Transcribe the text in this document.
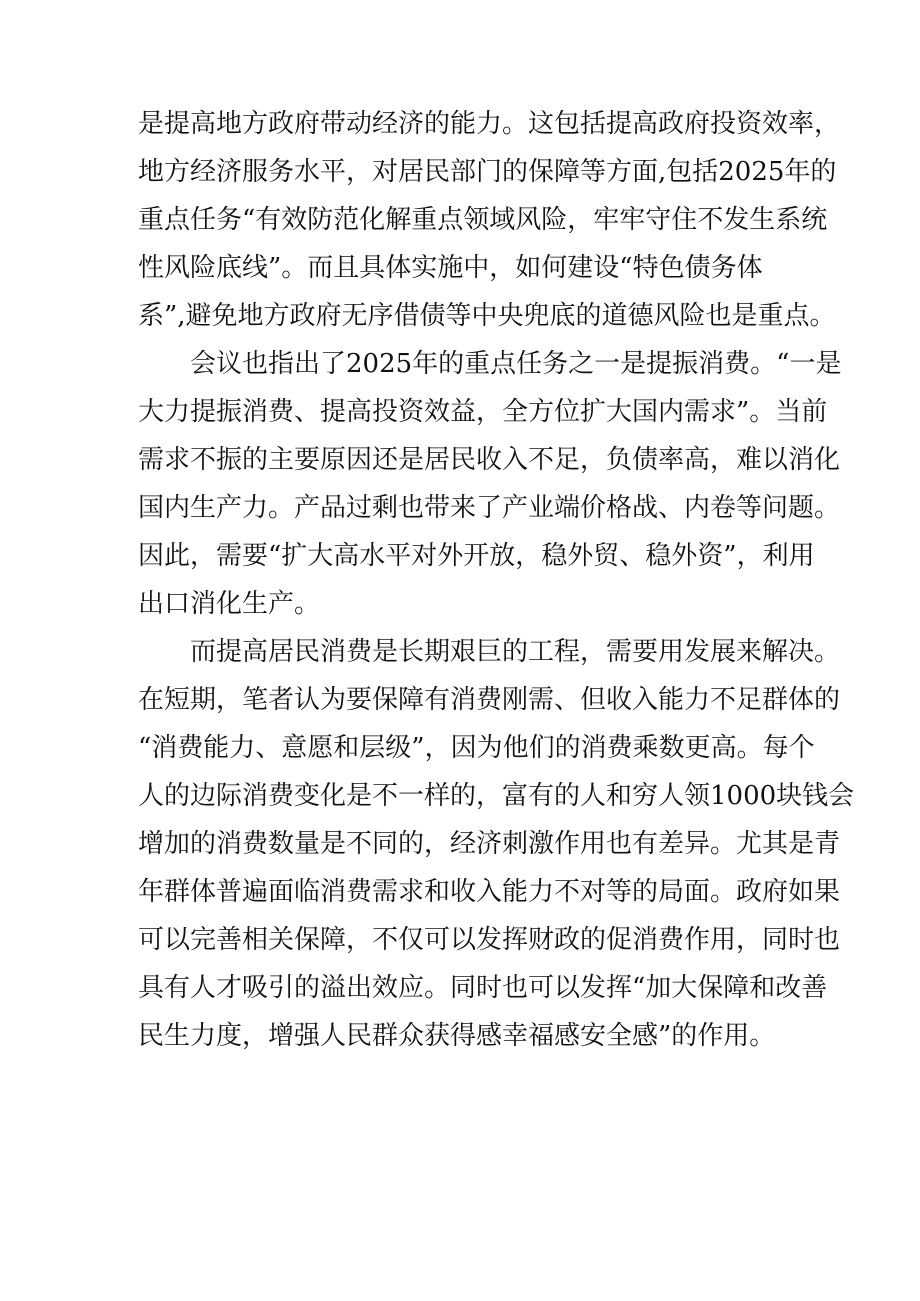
是提高地方政府带动经济的能力。这包括提高政府投资效率，
地方经济服务水平，对居民部门的保障等方面,包括2025年的
重点任务“有效防范化解重点领域风险，牢牢守住不发生系统
性风险底线”。而且具体实施中，如何建设“特色债务体
系”,避免地方政府无序借债等中央兜底的道德风险也是重点。
会议也指出了2025年的重点任务之一是提振消费。“一是
大力提振消费、提高投资效益，全方位扩大国内需求”。当前
需求不振的主要原因还是居民收入不足，负债率高，难以消化
国内生产力。产品过剩也带来了产业端价格战、内卷等问题。
因此，需要“扩大高水平对外开放，稳外贸、稳外资”，利用
出口消化生产。
而提高居民消费是长期艰巨的工程，需要用发展来解决。
在短期，笔者认为要保障有消费刚需、但收入能力不足群体的
“消费能力、意愿和层级”，因为他们的消费乘数更高。每个
人的边际消费变化是不一样的，富有的人和穷人领1000块钱会
增加的消费数量是不同的，经济刺激作用也有差异。尤其是青
年群体普遍面临消费需求和收入能力不对等的局面。政府如果
可以完善相关保障，不仅可以发挥财政的促消费作用，同时也
具有人才吸引的溢出效应。同时也可以发挥“加大保障和改善
民生力度，增强人民群众获得感幸福感安全感”的作用。
